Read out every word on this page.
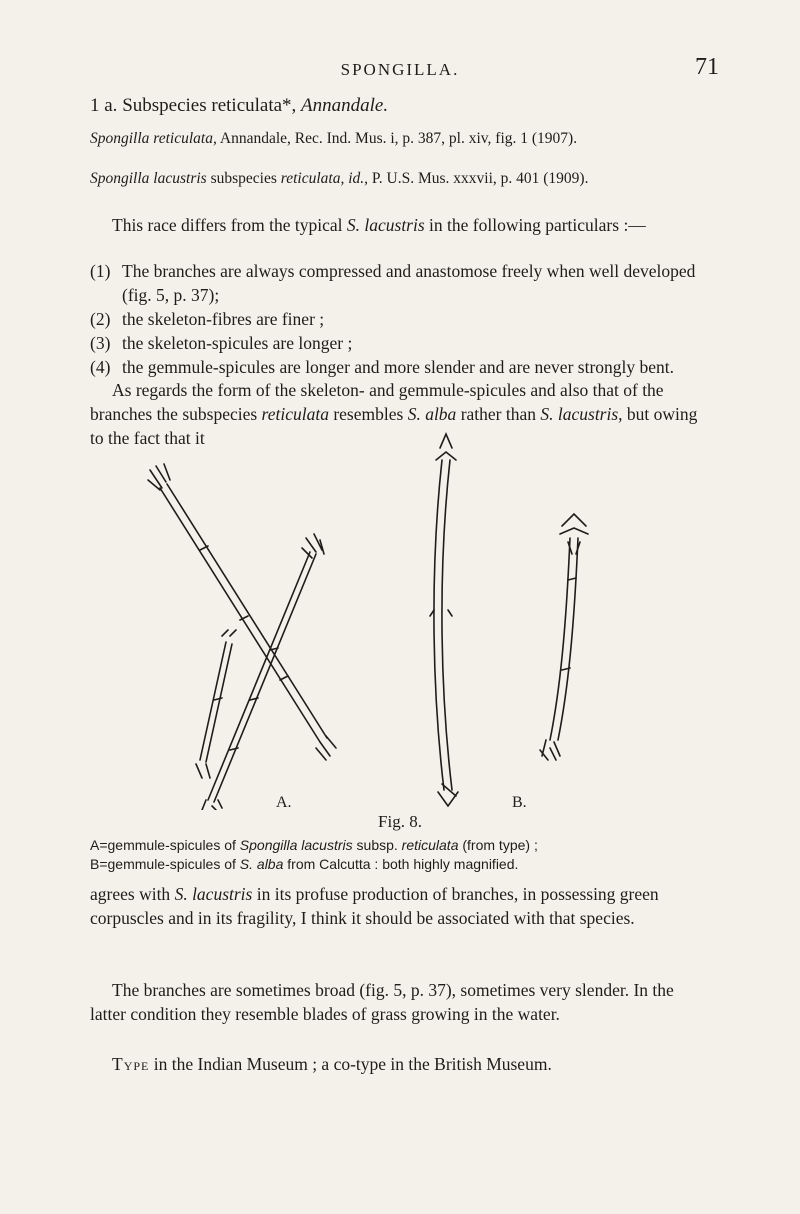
SPONGILLA.	71
1 a. Subspecies reticulata*, Annandale.
Spongilla reticulata, Annandale, Rec. Ind. Mus. i, p. 387, pl. xiv, fig. 1 (1907).
Spongilla lacustris subspecies reticulata, id., P. U.S. Mus. xxxvii, p. 401 (1909).
This race differs from the typical S. lacustris in the following particulars :—
(1) The branches are always compressed and anastomose freely when well developed (fig. 5, p. 37);
(2) the skeleton-fibres are finer ;
(3) the skeleton-spicules are longer ;
(4) the gemmule-spicules are longer and more slender and are never strongly bent.
As regards the form of the skeleton- and gemmule-spicules and also that of the branches the subspecies reticulata resembles S. alba rather than S. lacustris, but owing to the fact that it
A.	B.
Fig. 8.
A=gemmule-spicules of Spongilla lacustris subsp. reticulata (from type) ;
B=gemmule-spicules of S. alba from Calcutta : both highly magnified.
agrees with S. lacustris in its profuse production of branches, in possessing green corpuscles and in its fragility, I think it should be associated with that species.
The branches are sometimes broad (fig. 5, p. 37), sometimes very slender. In the latter condition they resemble blades of grass growing in the water.
Type in the Indian Museum ; a co-type in the British Museum.
